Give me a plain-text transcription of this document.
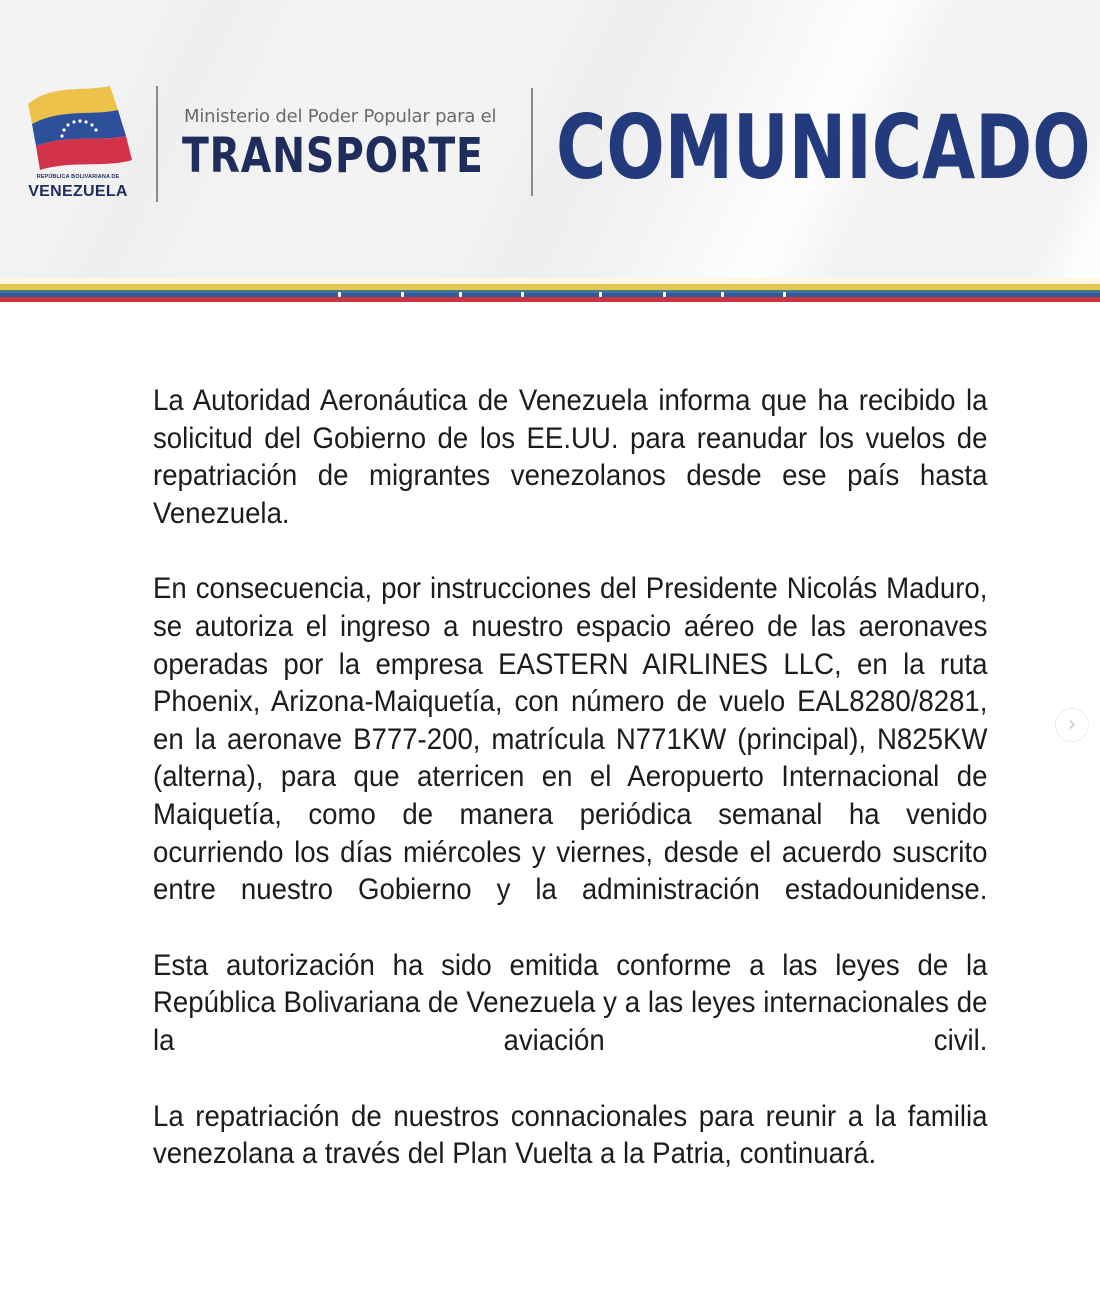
REPÚBLICA BOLIVARIANA DE
VENEZUELA
Ministerio del Poder Popular para el
TRANSPORTE COMUNICADO

La Autoridad Aeronáutica de Venezuela informa que ha recibido la solicitud del Gobierno de los EE.UU. para reanudar los vuelos de repatriación de migrantes venezolanos desde ese país hasta Venezuela.

En consecuencia, por instrucciones del Presidente Nicolás Maduro, se autoriza el ingreso a nuestro espacio aéreo de las aeronaves operadas por la empresa EASTERN AIRLINES LLC, en la ruta Phoenix, Arizona-Maiquetía, con número de vuelo EAL8280/8281, en la aeronave B777-200, matrícula N771KW (principal), N825KW (alterna), para que aterricen en el Aeropuerto Internacional de Maiquetía, como de manera periódica semanal ha venido ocurriendo los días miércoles y viernes, desde el acuerdo suscrito entre nuestro Gobierno y la administración estadounidense.

Esta autorización ha sido emitida conforme a las leyes de la República Bolivariana de Venezuela y a las leyes internacionales de la aviación civil.

La repatriación de nuestros connacionales para reunir a la familia venezolana a través del Plan Vuelta a la Patria, continuará.

›
